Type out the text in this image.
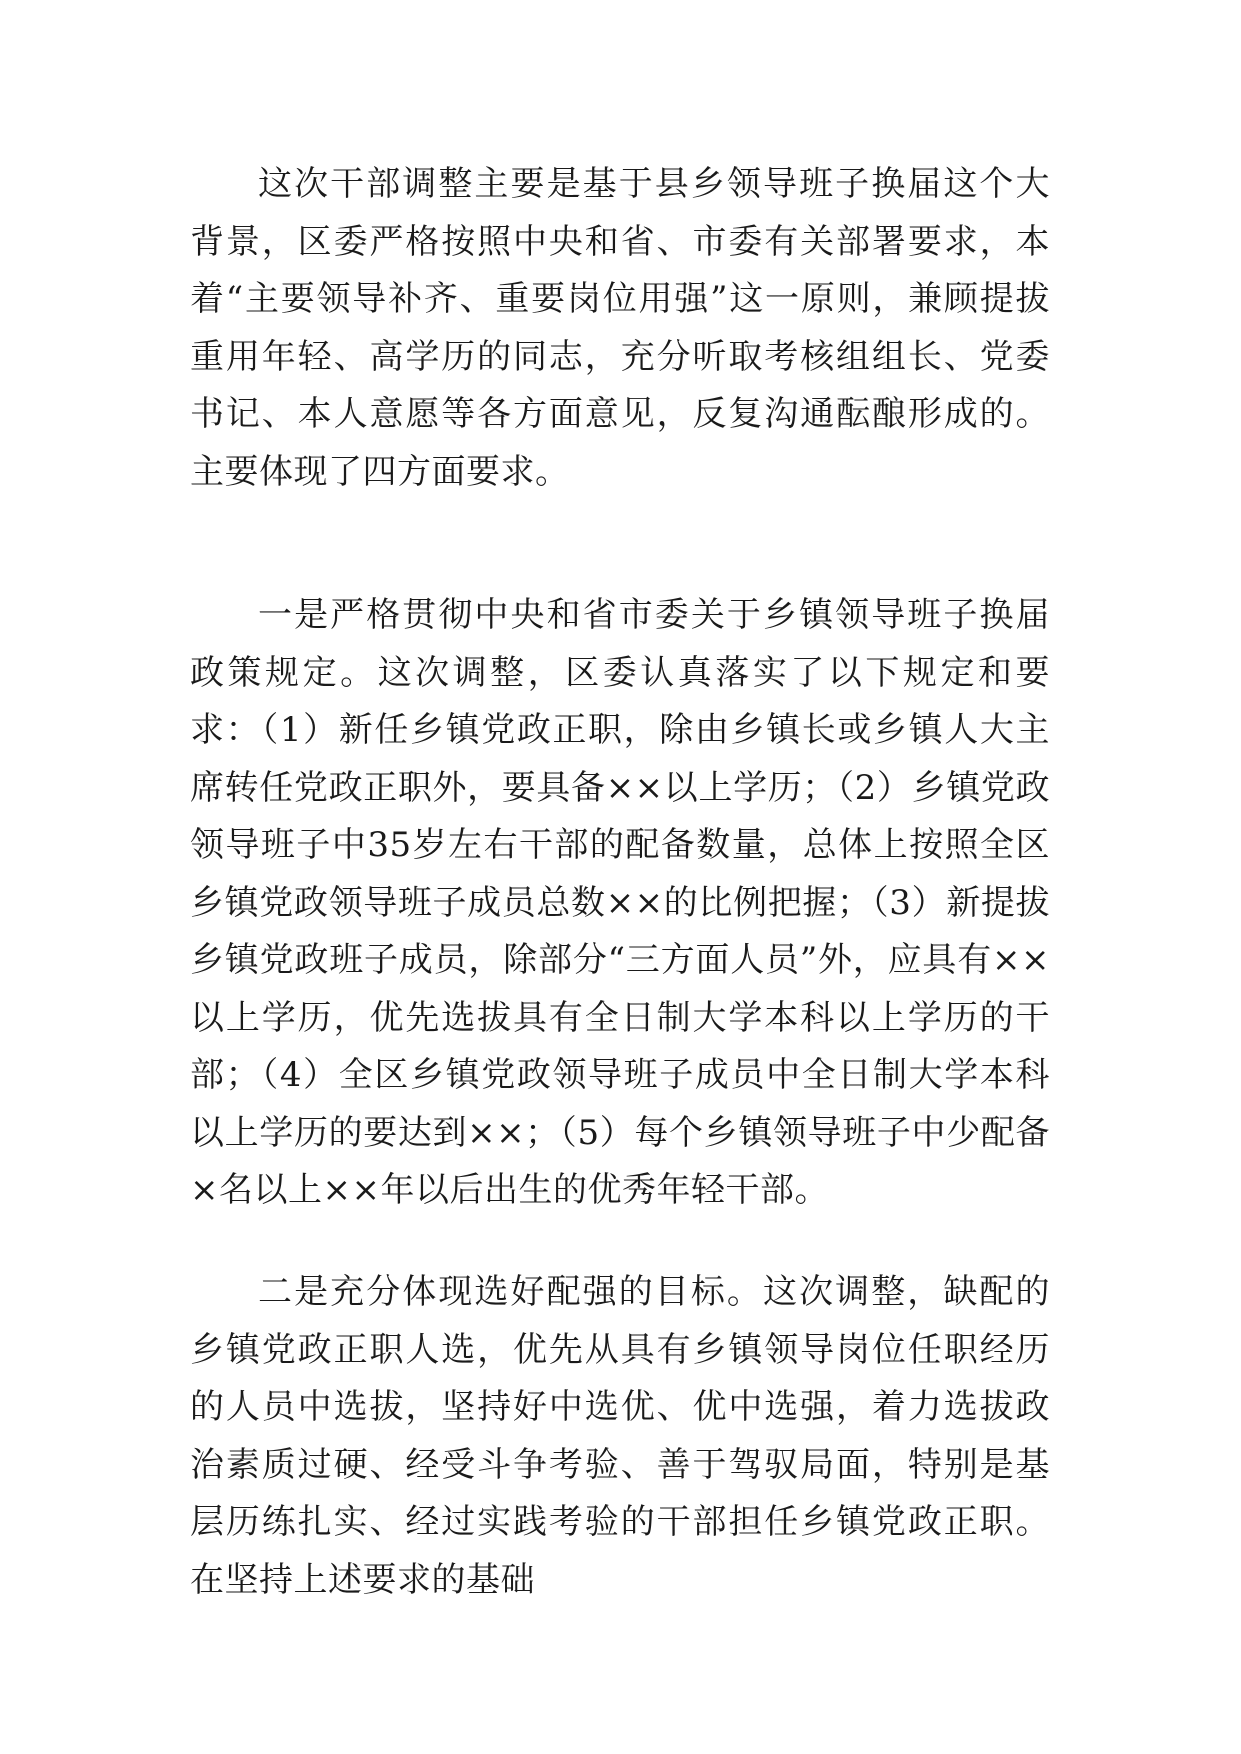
这次干部调整主要是基于县乡领导班子换届这个大背景，区委严格按照中央和省、市委有关部署要求，本着“主要领导补齐、重要岗位用强”这一原则，兼顾提拔重用年轻、高学历的同志，充分听取考核组组长、党委书记、本人意愿等各方面意见，反复沟通酝酿形成的。主要体现了四方面要求。

一是严格贯彻中央和省市委关于乡镇领导班子换届政策规定。这次调整，区委认真落实了以下规定和要求：（1）新任乡镇党政正职，除由乡镇长或乡镇人大主席转任党政正职外，要具备××以上学历；（2）乡镇党政领导班子中35岁左右干部的配备数量，总体上按照全区乡镇党政领导班子成员总数××的比例把握；（3）新提拔乡镇党政班子成员，除部分“三方面人员”外，应具有××以上学历，优先选拔具有全日制大学本科以上学历的干部；（4）全区乡镇党政领导班子成员中全日制大学本科以上学历的要达到××；（5）每个乡镇领导班子中少配备×名以上××年以后出生的优秀年轻干部。

二是充分体现选好配强的目标。这次调整，缺配的乡镇党政正职人选，优先从具有乡镇领导岗位任职经历的人员中选拔，坚持好中选优、优中选强，着力选拔政治素质过硬、经受斗争考验、善于驾驭局面，特别是基层历练扎实、经过实践考验的干部担任乡镇党政正职。在坚持上述要求的基础
